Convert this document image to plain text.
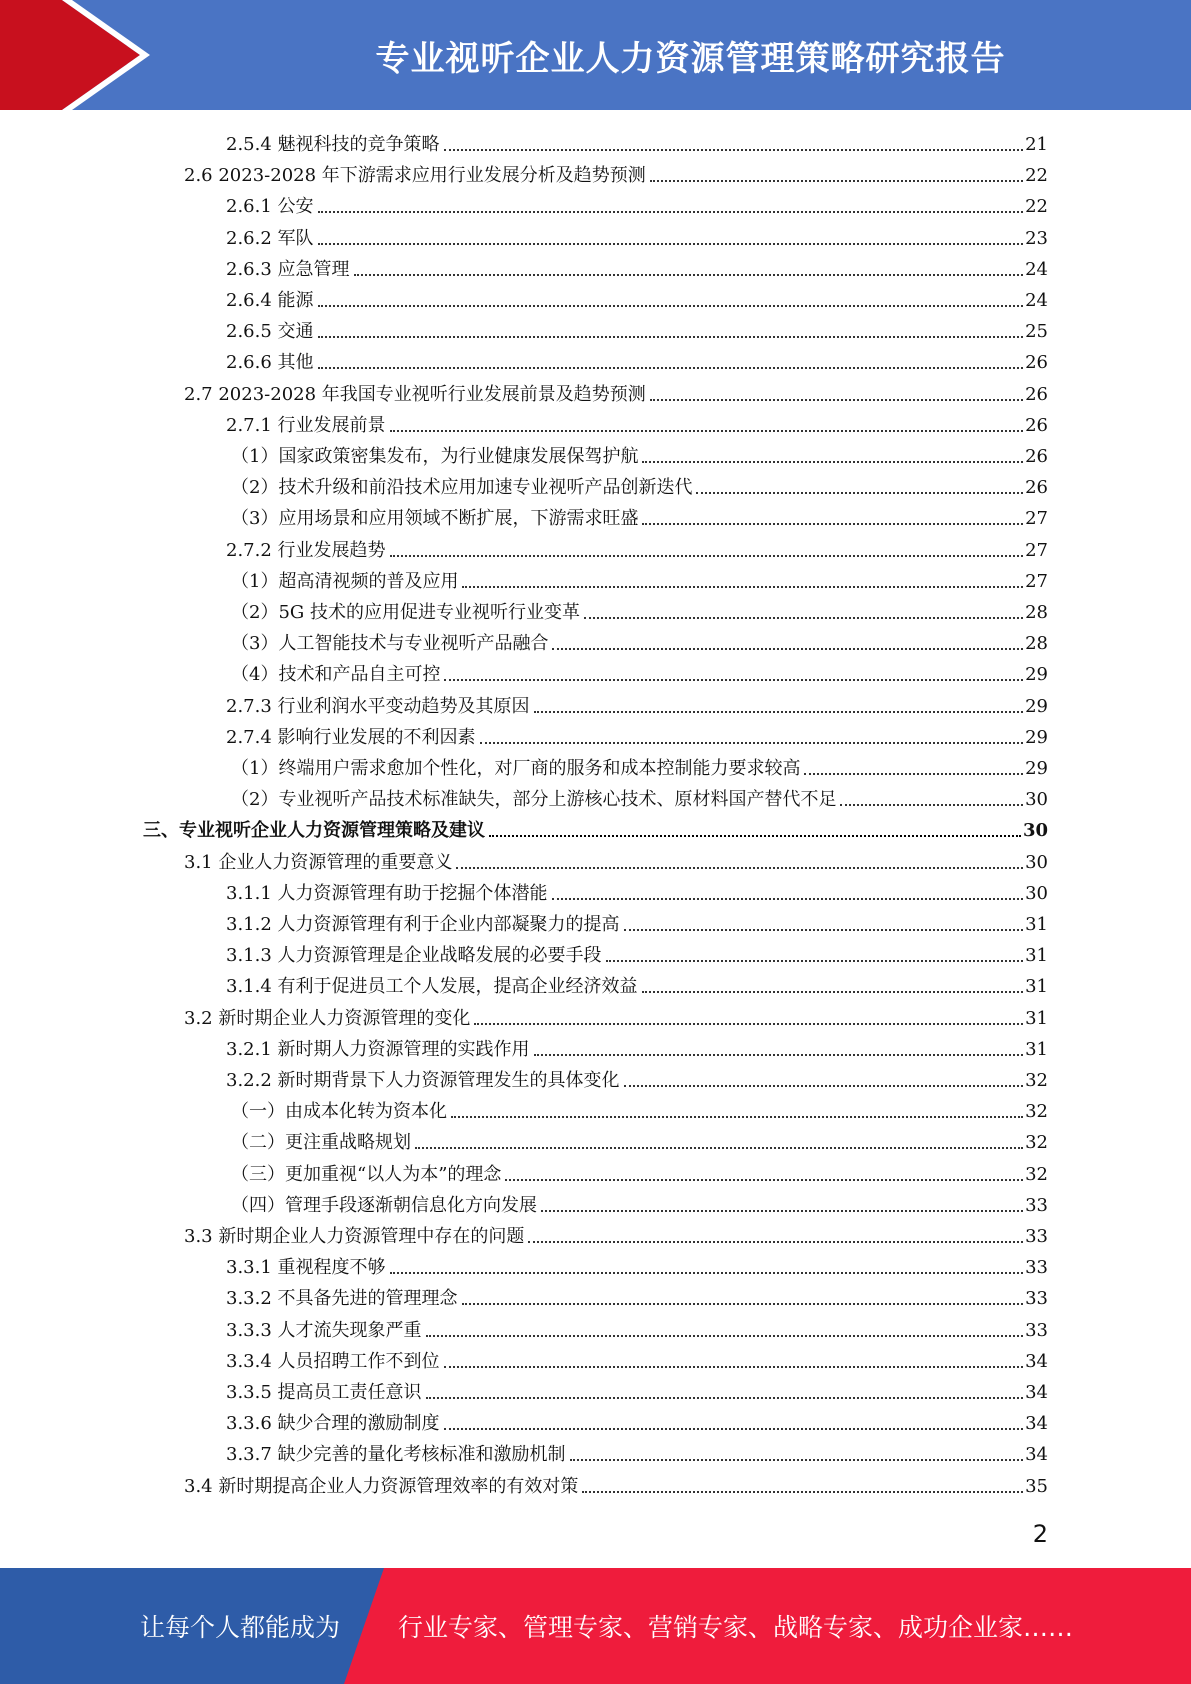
专业视听企业人力资源管理策略研究报告
2.5.4 魅视科技的竞争策略	21
2.6 2023-2028 年下游需求应用行业发展分析及趋势预测	22
2.6.1 公安	22
2.6.2 军队	23
2.6.3 应急管理	24
2.6.4 能源	24
2.6.5 交通	25
2.6.6 其他	26
2.7 2023-2028 年我国专业视听行业发展前景及趋势预测	26
2.7.1 行业发展前景	26
（1）国家政策密集发布，为行业健康发展保驾护航	26
（2）技术升级和前沿技术应用加速专业视听产品创新迭代	26
（3）应用场景和应用领域不断扩展，下游需求旺盛	27
2.7.2 行业发展趋势	27
（1）超高清视频的普及应用	27
（2）5G 技术的应用促进专业视听行业变革	28
（3）人工智能技术与专业视听产品融合	28
（4）技术和产品自主可控	29
2.7.3 行业利润水平变动趋势及其原因	29
2.7.4 影响行业发展的不利因素	29
（1）终端用户需求愈加个性化，对厂商的服务和成本控制能力要求较高	29
（2）专业视听产品技术标准缺失，部分上游核心技术、原材料国产替代不足	30
三、专业视听企业人力资源管理策略及建议	30
3.1 企业人力资源管理的重要意义	30
3.1.1 人力资源管理有助于挖掘个体潜能	30
3.1.2 人力资源管理有利于企业内部凝聚力的提高	31
3.1.3 人力资源管理是企业战略发展的必要手段	31
3.1.4 有利于促进员工个人发展，提高企业经济效益	31
3.2 新时期企业人力资源管理的变化	31
3.2.1 新时期人力资源管理的实践作用	31
3.2.2 新时期背景下人力资源管理发生的具体变化	32
（一）由成本化转为资本化	32
（二）更注重战略规划	32
（三）更加重视“以人为本”的理念	32
（四）管理手段逐渐朝信息化方向发展	33
3.3 新时期企业人力资源管理中存在的问题	33
3.3.1 重视程度不够	33
3.3.2 不具备先进的管理理念	33
3.3.3 人才流失现象严重	33
3.3.4 人员招聘工作不到位	34
3.3.5 提高员工责任意识	34
3.3.6 缺少合理的激励制度	34
3.3.7 缺少完善的量化考核标准和激励机制	34
3.4 新时期提高企业人力资源管理效率的有效对策	35
2
让每个人都能成为 行业专家、管理专家、营销专家、战略专家、成功企业家……
